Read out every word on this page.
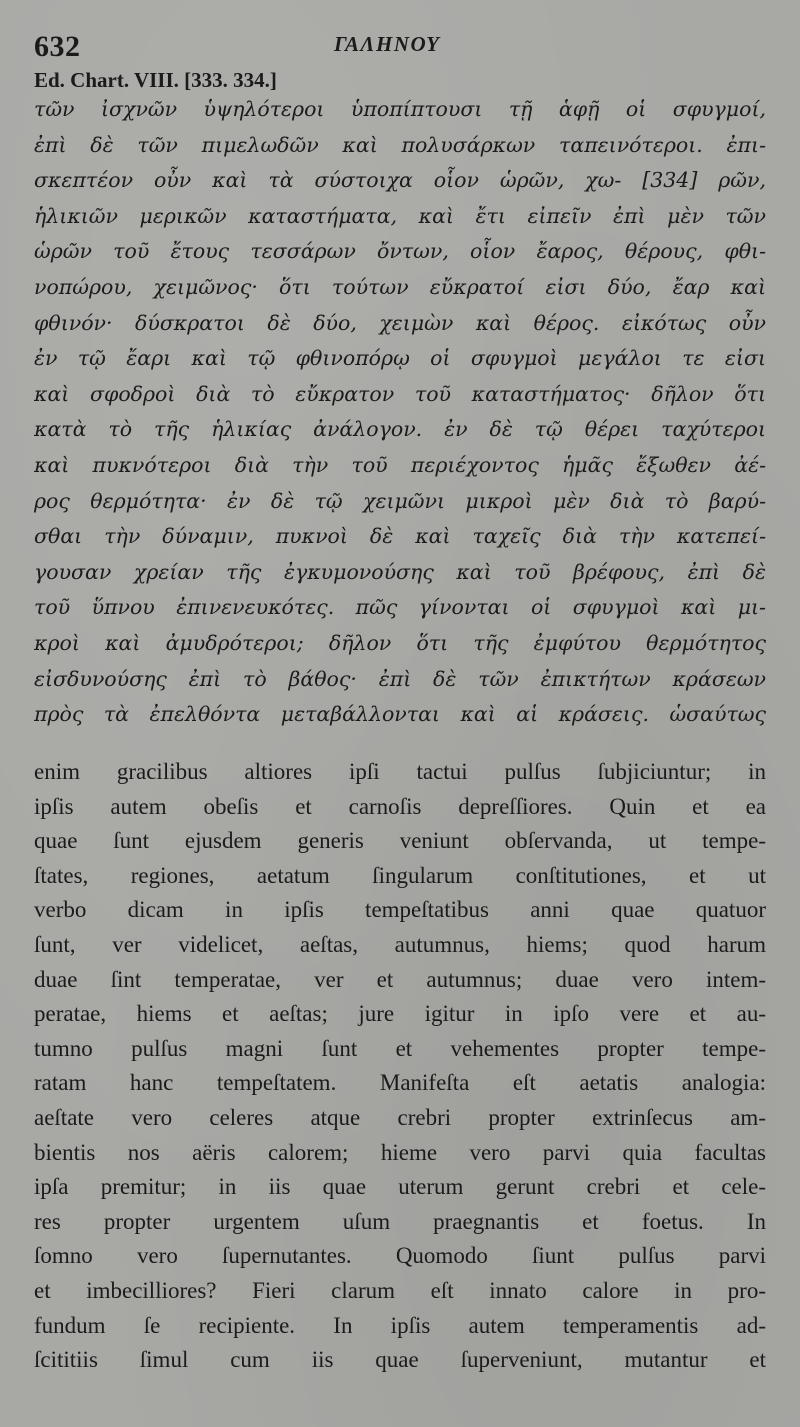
632	ΓΑΛΗΝΟΥ
Ed. Chart. VIII. [333. 334.]
τῶν ἰσχνῶν ὑψηλότεροι ὑποπίπτουσι τῇ ἁφῇ οἱ σφυγμοί,
ἐπὶ δὲ τῶν πιμελωδῶν καὶ πολυσάρκων ταπεινότεροι. ἐπι-
σκεπτέον οὖν καὶ τὰ σύστοιχα οἷον ὡρῶν, χω- [334] ρῶν,
ἡλικιῶν μερικῶν καταστήματα, καὶ ἔτι εἰπεῖν ἐπὶ μὲν τῶν
ὡρῶν τοῦ ἔτους τεσσάρων ὄντων, οἷον ἔαρος, θέρους, φθι-
νοπώρου, χειμῶνος· ὅτι τούτων εὔκρατοί εἰσι δύο, ἔαρ καὶ
φθινόν· δύσκρατοι δὲ δύο, χειμὼν καὶ θέρος. εἰκότως οὖν
ἐν τῷ ἔαρι καὶ τῷ φθινοπόρῳ οἱ σφυγμοὶ μεγάλοι τε εἰσι
καὶ σφοδροὶ διὰ τὸ εὔκρατον τοῦ καταστήματος· δῆλον ὅτι
κατὰ τὸ τῆς ἡλικίας ἀνάλογον. ἐν δὲ τῷ θέρει ταχύτεροι
καὶ πυκνότεροι διὰ τὴν τοῦ περιέχοντος ἡμᾶς ἔξωθεν ἀέ-
ρος θερμότητα· ἐν δὲ τῷ χειμῶνι μικροὶ μὲν διὰ τὸ βαρύ-
σθαι τὴν δύναμιν, πυκνοὶ δὲ καὶ ταχεῖς διὰ τὴν κατεπεί-
γουσαν χρείαν τῆς ἐγκυμονούσης καὶ τοῦ βρέφους, ἐπὶ δὲ
τοῦ ὕπνου ἐπινενευκότες. πῶς γίνονται οἱ σφυγμοὶ καὶ μι-
κροὶ καὶ ἀμυδρότεροι; δῆλον ὅτι τῆς ἐμφύτου θερμότητος
εἰσδυνούσης ἐπὶ τὸ βάθος· ἐπὶ δὲ τῶν ἐπικτήτων κράσεων
πρὸς τὰ ἐπελθόντα μεταβάλλονται καὶ αἱ κράσεις. ὡσαύτως
enim gracilibus altiores ipſi tactui pulſus ſubjiciuntur; in
ipſis autem obeſis et carnoſis depreſſiores. Quin et ea
quae ſunt ejusdem generis veniunt obſervanda, ut tempe-
ſtates, regiones, aetatum ſingularum conſtitutiones, et ut
verbo dicam in ipſis tempeſtatibus anni quae quatuor
ſunt, ver videlicet, aeſtas, autumnus, hiems; quod harum
duae ſint temperatae, ver et autumnus; duae vero intem-
peratae, hiems et aeſtas; jure igitur in ipſo vere et au-
tumno pulſus magni ſunt et vehementes propter tempe-
ratam hanc tempeſtatem. Manifeſta eſt aetatis analogia:
aeſtate vero celeres atque crebri propter extrinſecus am-
bientis nos aëris calorem; hieme vero parvi quia facultas
ipſa premitur; in iis quae uterum gerunt crebri et cele-
res propter urgentem uſum praegnantis et foetus. In
ſomno vero ſupernutantes. Quomodo ſiunt pulſus parvi
et imbecilliores? Fieri clarum eſt innato calore in pro-
fundum ſe recipiente. In ipſis autem temperamentis ad-
ſcititiis ſimul cum iis quae ſuperveniunt, mutantur et
